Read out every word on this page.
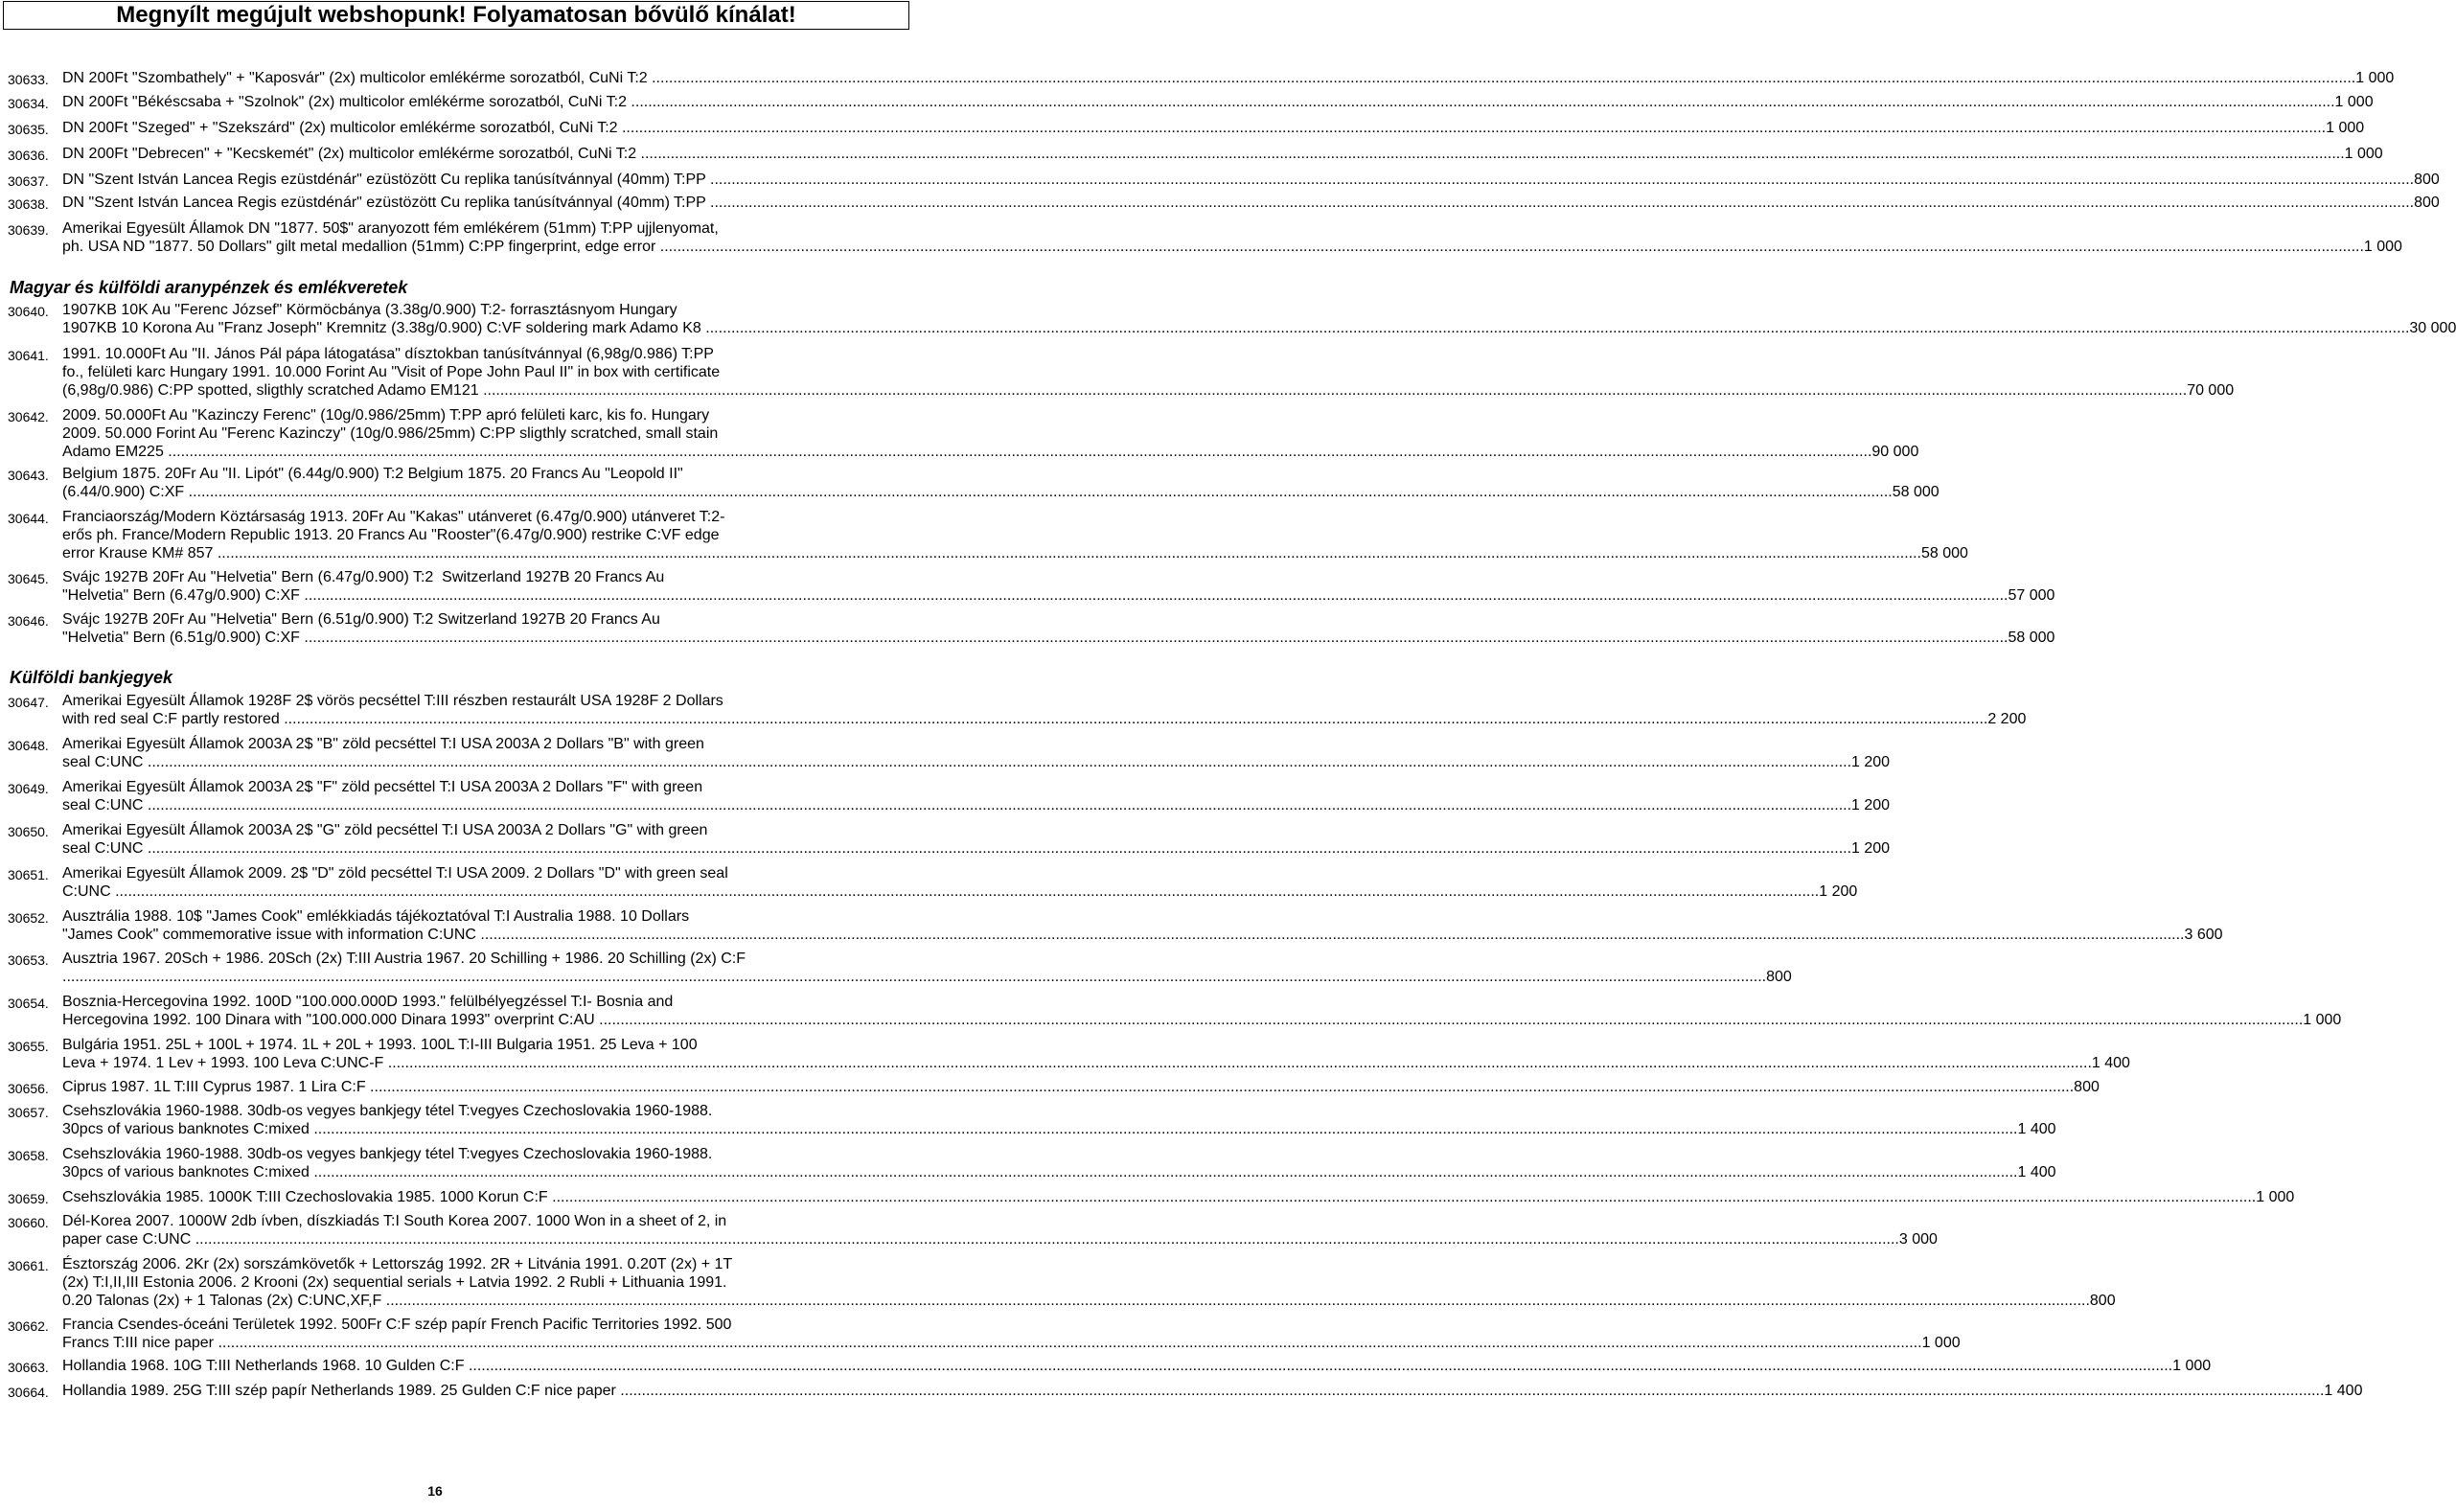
Megnyílt megújult webshopunk! Folyamatosan bővülő kínálat!
Magyar és külföldi aranypénzek és emlékveretek
Külföldi bankjegyek
30633. DN 200Ft "Szombathely" + "Kaposvár" (2x) multicolor emlékérme sorozatból, CuNi T:2 ................................................................................................................................................................................................................................................................................................................................................................................................................ 1 000
30634. DN 200Ft "Békéscsaba + "Szolnok" (2x) multicolor emlékérme sorozatból, CuNi T:2 ................................................................................................................................................................................................................................................................................................................................................................................................................ 1 000
30635. DN 200Ft "Szeged" + "Szekszárd" (2x) multicolor emlékérme sorozatból, CuNi T:2 ................................................................................................................................................................................................................................................................................................................................................................................................................ 1 000
30636. DN 200Ft "Debrecen" + "Kecskemét" (2x) multicolor emlékérme sorozatból, CuNi T:2 ................................................................................................................................................................................................................................................................................................................................................................................................................ 1 000
30637. DN "Szent István Lancea Regis ezüstdénár" ezüstözött Cu replika tanúsítvánnyal (40mm) T:PP ................................................................................................................................................................................................................................................................................................................................................................................................................ 800
30638. DN "Szent István Lancea Regis ezüstdénár" ezüstözött Cu replika tanúsítvánnyal (40mm) T:PP ................................................................................................................................................................................................................................................................................................................................................................................................................ 800
30639. Amerikai Egyesült Államok DN "1877. 50$" aranyozott fém emlékérem (51mm) T:PP ujjlenyomat,
ph. USA ND "1877. 50 Dollars" gilt metal medallion (51mm) C:PP fingerprint, edge error ................................................................................................................................................................................................................................................................................................................................................................................................................ 1 000
30640. 1907KB 10K Au "Ferenc József" Körmöcbánya (3.38g/0.900) T:2- forrasztásnyom Hungary
1907KB 10 Korona Au "Franz Joseph" Kremnitz (3.38g/0.900) C:VF soldering mark Adamo K8 ................................................................................................................................................................................................................................................................................................................................................................................................................ 30 000
30641. 1991. 10.000Ft Au "II. János Pál pápa látogatása" dísztokban tanúsítvánnyal (6,98g/0.986) T:PP
fo., felületi karc Hungary 1991. 10.000 Forint Au "Visit of Pope John Paul II" in box with certificate
(6,98g/0.986) C:PP spotted, sligthly scratched Adamo EM121 ................................................................................................................................................................................................................................................................................................................................................................................................................ 70 000
30642. 2009. 50.000Ft Au "Kazinczy Ferenc" (10g/0.986/25mm) T:PP apró felületi karc, kis fo. Hungary
2009. 50.000 Forint Au "Ferenc Kazinczy" (10g/0.986/25mm) C:PP sligthly scratched, small stain
Adamo EM225 ................................................................................................................................................................................................................................................................................................................................................................................................................ 90 000
30643. Belgium 1875. 20Fr Au "II. Lipót" (6.44g/0.900) T:2 Belgium 1875. 20 Francs Au "Leopold II"
(6.44/0.900) C:XF ................................................................................................................................................................................................................................................................................................................................................................................................................ 58 000
30644. Franciaország/Modern Köztársaság 1913. 20Fr Au "Kakas" utánveret (6.47g/0.900) utánveret T:2-
erős ph. France/Modern Republic 1913. 20 Francs Au "Rooster"(6.47g/0.900) restrike C:VF edge
error Krause KM# 857 ................................................................................................................................................................................................................................................................................................................................................................................................................ 58 000
30645. Svájc 1927B 20Fr Au "Helvetia" Bern (6.47g/0.900) T:2  Switzerland 1927B 20 Francs Au
"Helvetia" Bern (6.47g/0.900) C:XF ................................................................................................................................................................................................................................................................................................................................................................................................................ 57 000
30646. Svájc 1927B 20Fr Au "Helvetia" Bern (6.51g/0.900) T:2 Switzerland 1927B 20 Francs Au
"Helvetia" Bern (6.51g/0.900) C:XF ................................................................................................................................................................................................................................................................................................................................................................................................................ 58 000
30647. Amerikai Egyesült Államok 1928F 2$ vörös pecséttel T:III részben restaurált USA 1928F 2 Dollars
with red seal C:F partly restored ................................................................................................................................................................................................................................................................................................................................................................................................................ 2 200
30648. Amerikai Egyesült Államok 2003A 2$ "B" zöld pecséttel T:I USA 2003A 2 Dollars "B" with green
seal C:UNC ................................................................................................................................................................................................................................................................................................................................................................................................................ 1 200
30649. Amerikai Egyesült Államok 2003A 2$ "F" zöld pecséttel T:I USA 2003A 2 Dollars "F" with green
seal C:UNC ................................................................................................................................................................................................................................................................................................................................................................................................................ 1 200
30650. Amerikai Egyesült Államok 2003A 2$ "G" zöld pecséttel T:I USA 2003A 2 Dollars "G" with green
seal C:UNC ................................................................................................................................................................................................................................................................................................................................................................................................................ 1 200
30651. Amerikai Egyesült Államok 2009. 2$ "D" zöld pecséttel T:I USA 2009. 2 Dollars "D" with green seal
C:UNC ................................................................................................................................................................................................................................................................................................................................................................................................................ 1 200
30652. Ausztrália 1988. 10$ "James Cook" emlékkiadás tájékoztatóval T:I Australia 1988. 10 Dollars
"James Cook" commemorative issue with information C:UNC ................................................................................................................................................................................................................................................................................................................................................................................................................ 3 600
30653. Ausztria 1967. 20Sch + 1986. 20Sch (2x) T:III Austria 1967. 20 Schilling + 1986. 20 Schilling (2x) C:F
................................................................................................................................................................................................................................................................................................................................................................................................................ 800
30654. Bosznia-Hercegovina 1992. 100D "100.000.000D 1993." felülbélyegzéssel T:I- Bosnia and
Hercegovina 1992. 100 Dinara with "100.000.000 Dinara 1993" overprint C:AU ................................................................................................................................................................................................................................................................................................................................................................................................................ 1 000
30655. Bulgária 1951. 25L + 100L + 1974. 1L + 20L + 1993. 100L T:I-III Bulgaria 1951. 25 Leva + 100
Leva + 1974. 1 Lev + 1993. 100 Leva C:UNC-F ................................................................................................................................................................................................................................................................................................................................................................................................................ 1 400
30656. Ciprus 1987. 1L T:III Cyprus 1987. 1 Lira C:F ................................................................................................................................................................................................................................................................................................................................................................................................................ 800
30657. Csehszlovákia 1960-1988. 30db-os vegyes bankjegy tétel T:vegyes Czechoslovakia 1960-1988.
30pcs of various banknotes C:mixed ................................................................................................................................................................................................................................................................................................................................................................................................................ 1 400
30658. Csehszlovákia 1960-1988. 30db-os vegyes bankjegy tétel T:vegyes Czechoslovakia 1960-1988.
30pcs of various banknotes C:mixed ................................................................................................................................................................................................................................................................................................................................................................................................................ 1 400
30659. Csehszlovákia 1985. 1000K T:III Czechoslovakia 1985. 1000 Korun C:F ................................................................................................................................................................................................................................................................................................................................................................................................................ 1 000
30660. Dél-Korea 2007. 1000W 2db ívben, díszkiadás T:I South Korea 2007. 1000 Won in a sheet of 2, in
paper case C:UNC ................................................................................................................................................................................................................................................................................................................................................................................................................ 3 000
30661. Észtország 2006. 2Kr (2x) sorszámkövetők + Lettország 1992. 2R + Litvánia 1991. 0.20T (2x) + 1T
(2x) T:I,II,III Estonia 2006. 2 Krooni (2x) sequential serials + Latvia 1992. 2 Rubli + Lithuania 1991.
0.20 Talonas (2x) + 1 Talonas (2x) C:UNC,XF,F ................................................................................................................................................................................................................................................................................................................................................................................................................ 800
30662. Francia Csendes-óceáni Területek 1992. 500Fr C:F szép papír French Pacific Territories 1992. 500
Francs T:III nice paper ................................................................................................................................................................................................................................................................................................................................................................................................................ 1 000
30663. Hollandia 1968. 10G T:III Netherlands 1968. 10 Gulden C:F ................................................................................................................................................................................................................................................................................................................................................................................................................ 1 000
30664. Hollandia 1989. 25G T:III szép papír Netherlands 1989. 25 Gulden C:F nice paper ................................................................................................................................................................................................................................................................................................................................................................................................................ 1 400
16
